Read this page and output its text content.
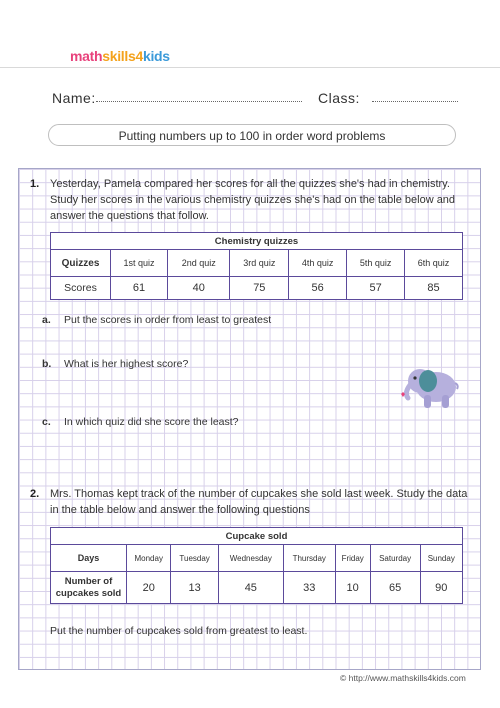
mathskills4kids
Name:	Class:
Putting numbers up to 100 in order word problems
1. Yesterday, Pamela compared her scores for all the quizzes she's had in chemistry.
Study her scores in the various chemistry quizzes she's had on the table below and
answer the questions that follow.
Chemistry quizzes						
Quizzes	1st quiz	2nd quiz	3rd quiz	4th quiz	5th quiz	6th quiz
Scores	61	40	75	56	57	85
a. Put the scores in order from least to greatest
b. What is her highest score?
c. In which quiz did she score the least?
2. Mrs. Thomas kept track of the number of cupcakes she sold last week. Study the data
in the table below and answer the following questions
Cupcake sold							
Days	Monday	Tuesday	Wednesday	Thursday	Friday	Saturday	Sunday

Number of
cupcakes sold	20	13	45	33	10	65	90
Put the number of cupcakes sold from greatest to least.
© http://www.mathskills4kids.com
